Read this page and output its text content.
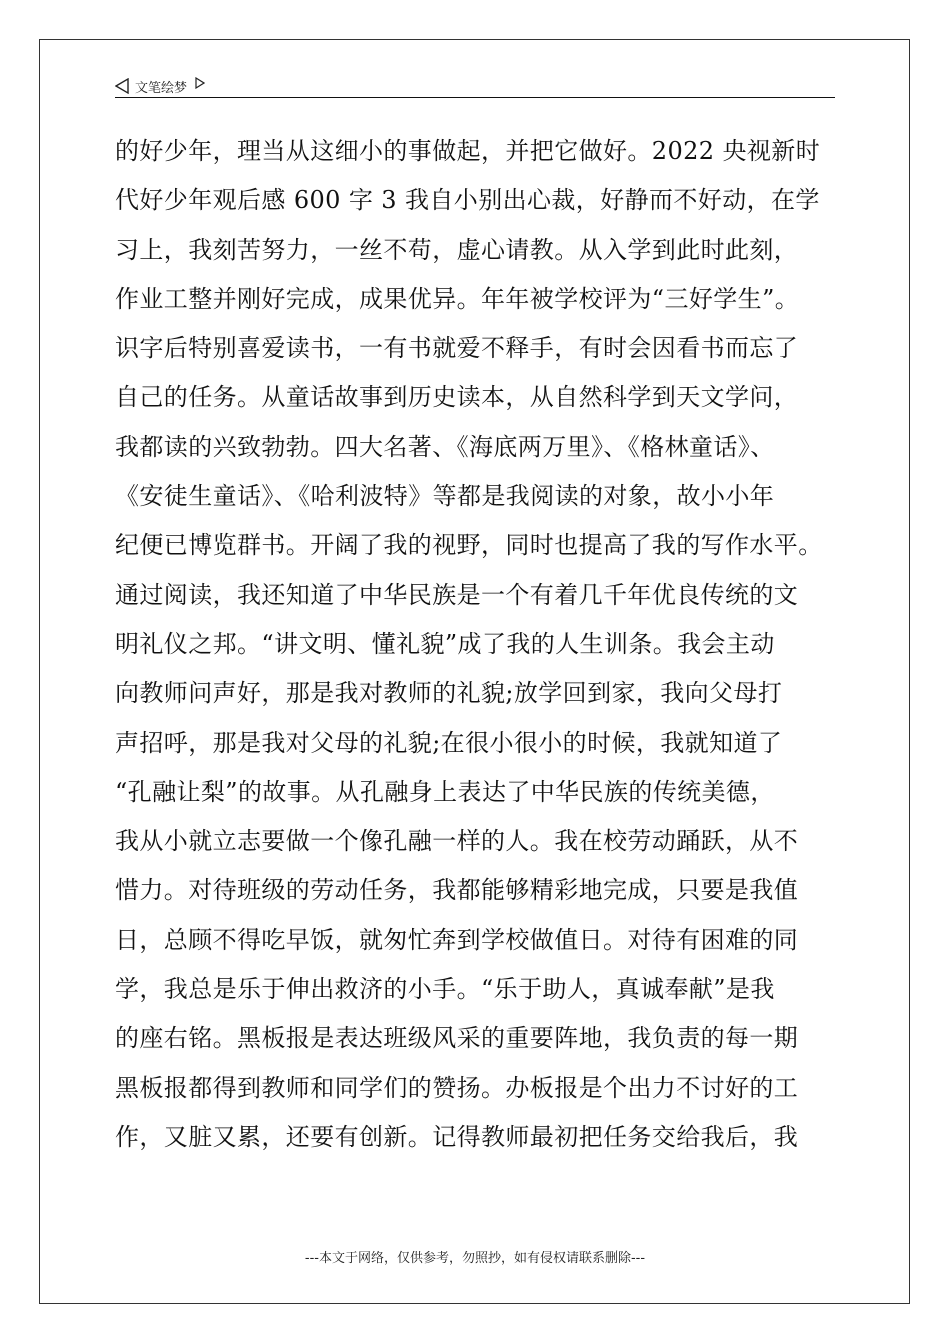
文笔绘梦
的好少年，理当从这细小的事做起，并把它做好。2022 央视新时
代好少年观后感 600 字 3 我自小别出心裁，好静而不好动，在学
习上，我刻苦努力，一丝不苟，虚心请教。从入学到此时此刻，
作业工整并刚好完成，成果优异。年年被学校评为“三好学生”。
识字后特别喜爱读书，一有书就爱不释手，有时会因看书而忘了
自己的任务。从童话故事到历史读本，从自然科学到天文学问，
我都读的兴致勃勃。四大名著、《海底两万里》、《格林童话》、
《安徒生童话》、《哈利波特》等都是我阅读的对象，故小小年
纪便已博览群书。开阔了我的视野，同时也提高了我的写作水平。
通过阅读，我还知道了中华民族是一个有着几千年优良传统的文
明礼仪之邦。“讲文明、懂礼貌”成了我的人生训条。我会主动
向教师问声好，那是我对教师的礼貌;放学回到家，我向父母打
声招呼，那是我对父母的礼貌;在很小很小的时候，我就知道了
“孔融让梨”的故事。从孔融身上表达了中华民族的传统美德，
我从小就立志要做一个像孔融一样的人。我在校劳动踊跃，从不
惜力。对待班级的劳动任务，我都能够精彩地完成，只要是我值
日，总顾不得吃早饭，就匆忙奔到学校做值日。对待有困难的同
学，我总是乐于伸出救济的小手。“乐于助人，真诚奉献”是我
的座右铭。黑板报是表达班级风采的重要阵地，我负责的每一期
黑板报都得到教师和同学们的赞扬。办板报是个出力不讨好的工
作，又脏又累，还要有创新。记得教师最初把任务交给我后，我
---本文于网络，仅供参考，勿照抄，如有侵权请联系删除---
